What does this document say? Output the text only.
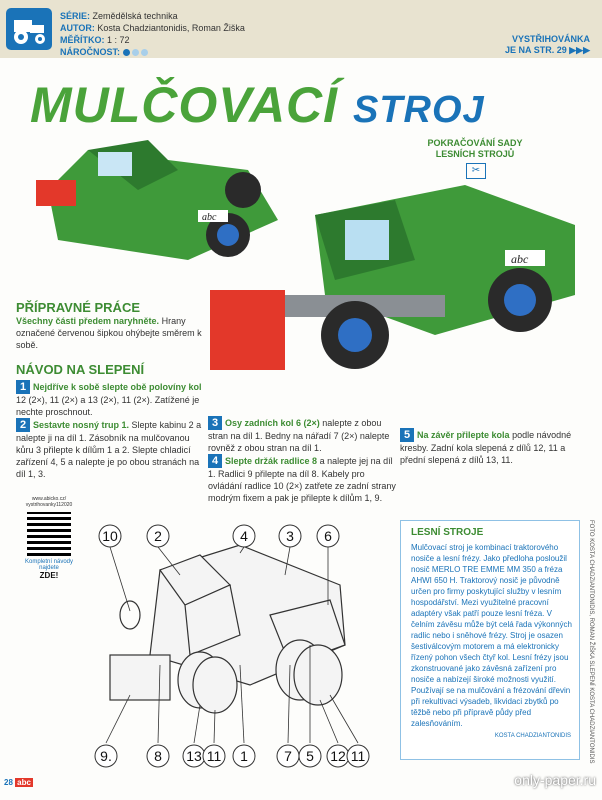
SÉRIE: Zemědělská technika
AUTOR: Kosta Chadziantonidis, Roman Žiška
MĚŘÍTKO: 1 : 72
NÁROČNOST:
VYSTŘIHOVÁNKA
JE NA STR. 29 ▶▶▶
MULČOVACÍ STROJ
abc
abc
POKRAČOVÁNÍ SADY
LESNÍCH STROJŮ
✂
PŘÍPRAVNÉ PRÁCE
Všechny části předem naryhněte. Hrany označené červenou šipkou ohýbejte směrem k sobě.
NÁVOD NA SLEPENÍ
1 Nejdříve k sobě slepte obě polovíny kol 12 (2×), 11 (2×) a 13 (2×), 11 (2×). Zatížené je nechte proschnout.
2 Sestavte nosný trup 1. Slepte kabinu 2 a nalepte ji na díl 1. Zásobník na mulčovanou kůru 3 přilepte k dílům 1 a 2. Slepte chladicí zařízení 4, 5 a nalepte je po obou stranách na díl 1, 3.
3 Osy zadních kol 6 (2×) nalepte z obou stran na díl 1. Bedny na nářadí 7 (2×) nalepte rovněž z obou stran na díl 1.
4 Slepte držák radlice 8 a nalepte jej na díl 1. Radlici 9 přilepte na díl 8. Kabely pro ovládání radlice 10 (2×) zatřete ze zadní strany modrým fixem a pak je přilepte k dílům 1, 9.
5 Na závěr přilepte kola podle návodné kresby. Zadní kola slepená z dílů 12, 11 a přední slepená z dílů 13, 11.
www.abicko.cz/
vystrihovanky112020
Kompletní návody
najdete
ZDE!
10	2	4	3 6
9.	8 13 11 1	7 5 12 11
LESNÍ STROJE
Mulčovací stroj je kombinací traktorového nosiče a lesní frézy. Jako předloha posloužil nosič MERLO TRE EMME MM 350 a fréza AHWI 650 H. Traktorový nosič je původně určen pro firmy poskytující služby v lesním hospodářství. Mezi využitelné pracovní adaptéry však patří pouze lesní fréza. V čelním závěsu může být celá řada výkonných radlic nebo i sněhové frézy. Stroj je osazen šestiválcovým motorem a má elektronicky řízený pohon všech čtyř kol. Lesní frézy jsou zkonstruované jako závěsná zařízení pro nosiče a nabízejí široké možnosti využití. Používají se na mulčování a frézování dřevin při rekultivaci výsadeb, likvidaci zbytků po těžbě nebo při přípravě půdy před zalesňováním.
KOSTA CHADZIANTONIDIS	FOTO KOSTA CHADZIANTONIDIS, ROMAN ŽIŠKA SLEPENÍ KOSTA CHADZIANTONIDIS
28 abc	only-paper.ru
